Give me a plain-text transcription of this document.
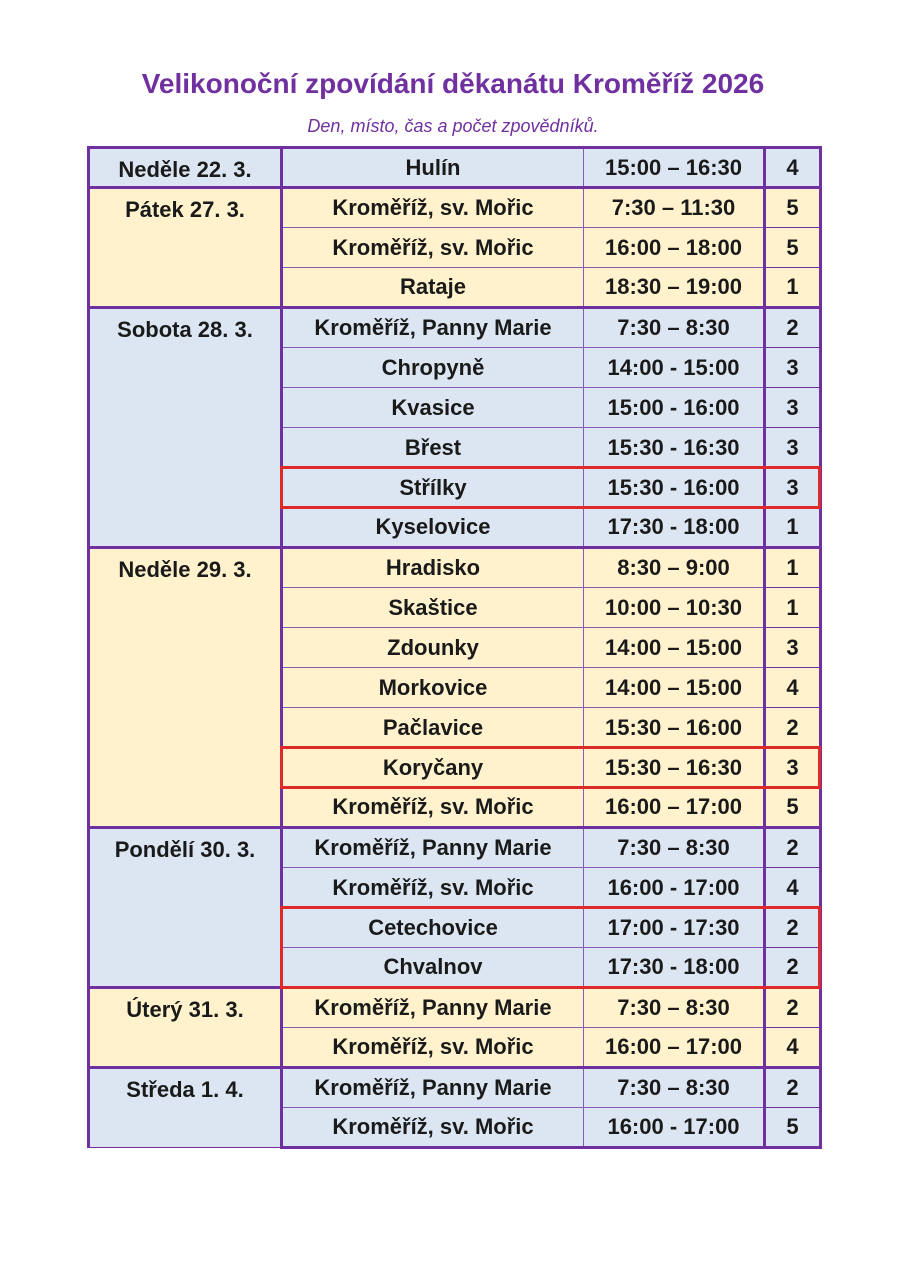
Velikonoční zpovídání děkanátu Kroměříž 2026
Den, místo, čas a počet zpovědníků.
Neděle 22. 3.	Hulín	15:00 – 16:30	4
Pátek 27. 3.	Kroměříž, sv. Mořic	7:30 – 11:30	5
	Kroměříž, sv. Mořic	16:00 – 18:00	5
	Rataje	18:30 – 19:00	1
Sobota 28. 3.	Kroměříž, Panny Marie	7:30 – 8:30	2
	Chropyně	14:00 - 15:00	3
	Kvasice	15:00 - 16:00	3
	Břest	15:30 - 16:30	3
	Střílky	15:30 - 16:00	3
	Kyselovice	17:30 - 18:00	1
Neděle 29. 3.	Hradisko	8:30 – 9:00	1
	Skaštice	10:00 – 10:30	1
	Zdounky	14:00 – 15:00	3
	Morkovice	14:00 – 15:00	4
	Pačlavice	15:30 – 16:00	2
	Koryčany	15:30 – 16:30	3
	Kroměříž, sv. Mořic	16:00 – 17:00	5
Pondělí 30. 3.	Kroměříž, Panny Marie	7:30 – 8:30	2
	Kroměříž, sv. Mořic	16:00 - 17:00	4
	Cetechovice	17:00 - 17:30	2
	Chvalnov	17:30 - 18:00	2
Úterý 31. 3.	Kroměříž, Panny Marie	7:30 – 8:30	2
	Kroměříž, sv. Mořic	16:00 – 17:00	4
Středa 1. 4.	Kroměříž, Panny Marie	7:30 – 8:30	2
	Kroměříž, sv. Mořic	16:00 - 17:00	5
